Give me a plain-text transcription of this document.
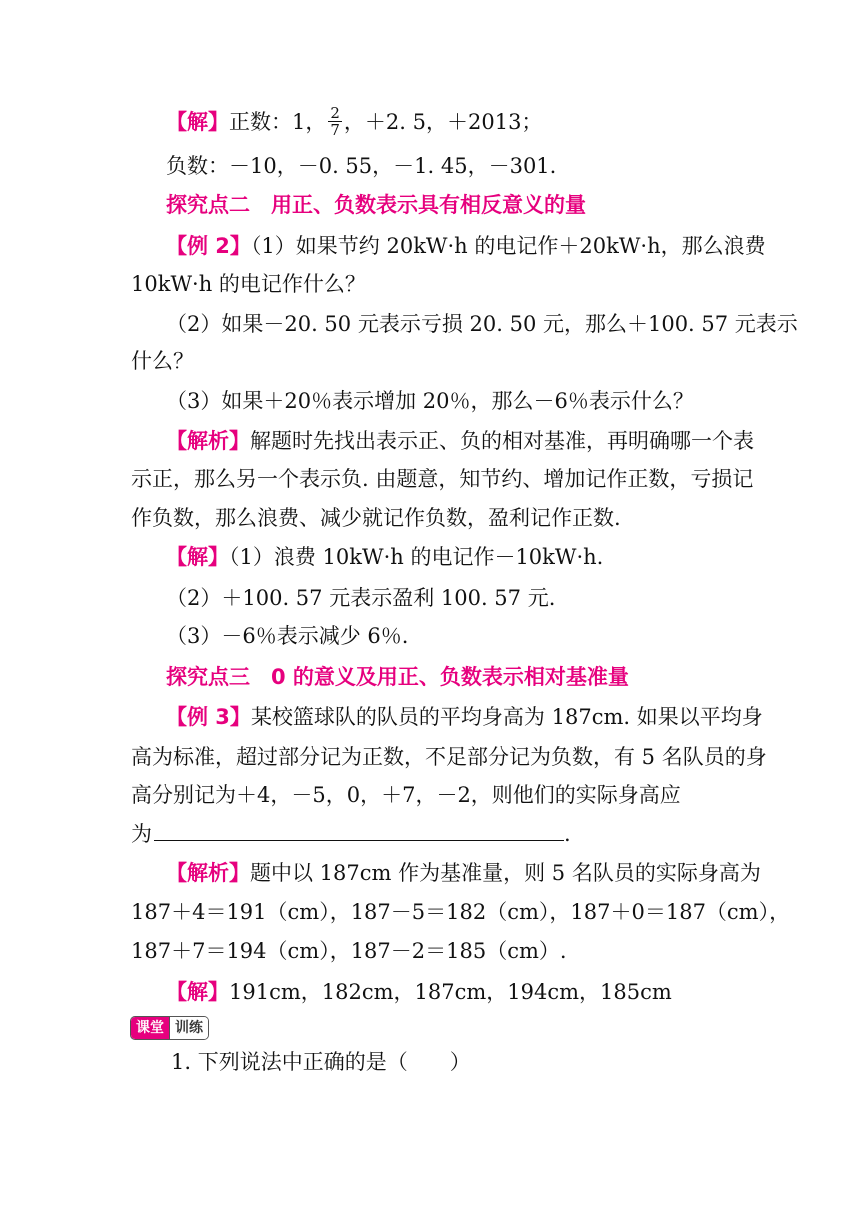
【解】正数：1， $\frac{2}{7}$ ，＋2. 5，＋2013；
负数：－10，－0. 55，－1. 45，－301.
探究点二　用正、负数表示具有相反意义的量
【例 2】（1）如果节约 20kW·h 的电记作＋20kW·h，那么浪费
10kW·h 的电记作什么？
（2）如果－20. 50 元表示亏损 20. 50 元，那么＋100. 57 元表示
什么？
（3）如果＋20％表示增加 20％，那么－6％表示什么？
【解析】解题时先找出表示正、负的相对基准，再明确哪一个表
示正，那么另一个表示负. 由题意，知节约、增加记作正数，亏损记
作负数，那么浪费、减少就记作负数，盈利记作正数.
【解】（1）浪费 10kW·h 的电记作－10kW·h.
（2）＋100. 57 元表示盈利 100. 57 元.
（3）－6％表示减少 6％.
探究点三　0 的意义及用正、负数表示相对基准量
【例 3】某校篮球队的队员的平均身高为 187cm. 如果以平均身
高为标准，超过部分记为正数，不足部分记为负数，有 5 名队员的身
高分别记为＋4，－5，0，＋7，－2，则他们的实际身高应
为	.
【解析】题中以 187cm 作为基准量，则 5 名队员的实际身高为
187＋4＝191（cm），187－5＝182（cm），187＋0＝187（cm），
187＋7＝194（cm），187－2＝185（cm）.
【解】191cm，182cm，187cm，194cm，185cm
课堂 训练
1. 下列说法中正确的是（　　）
